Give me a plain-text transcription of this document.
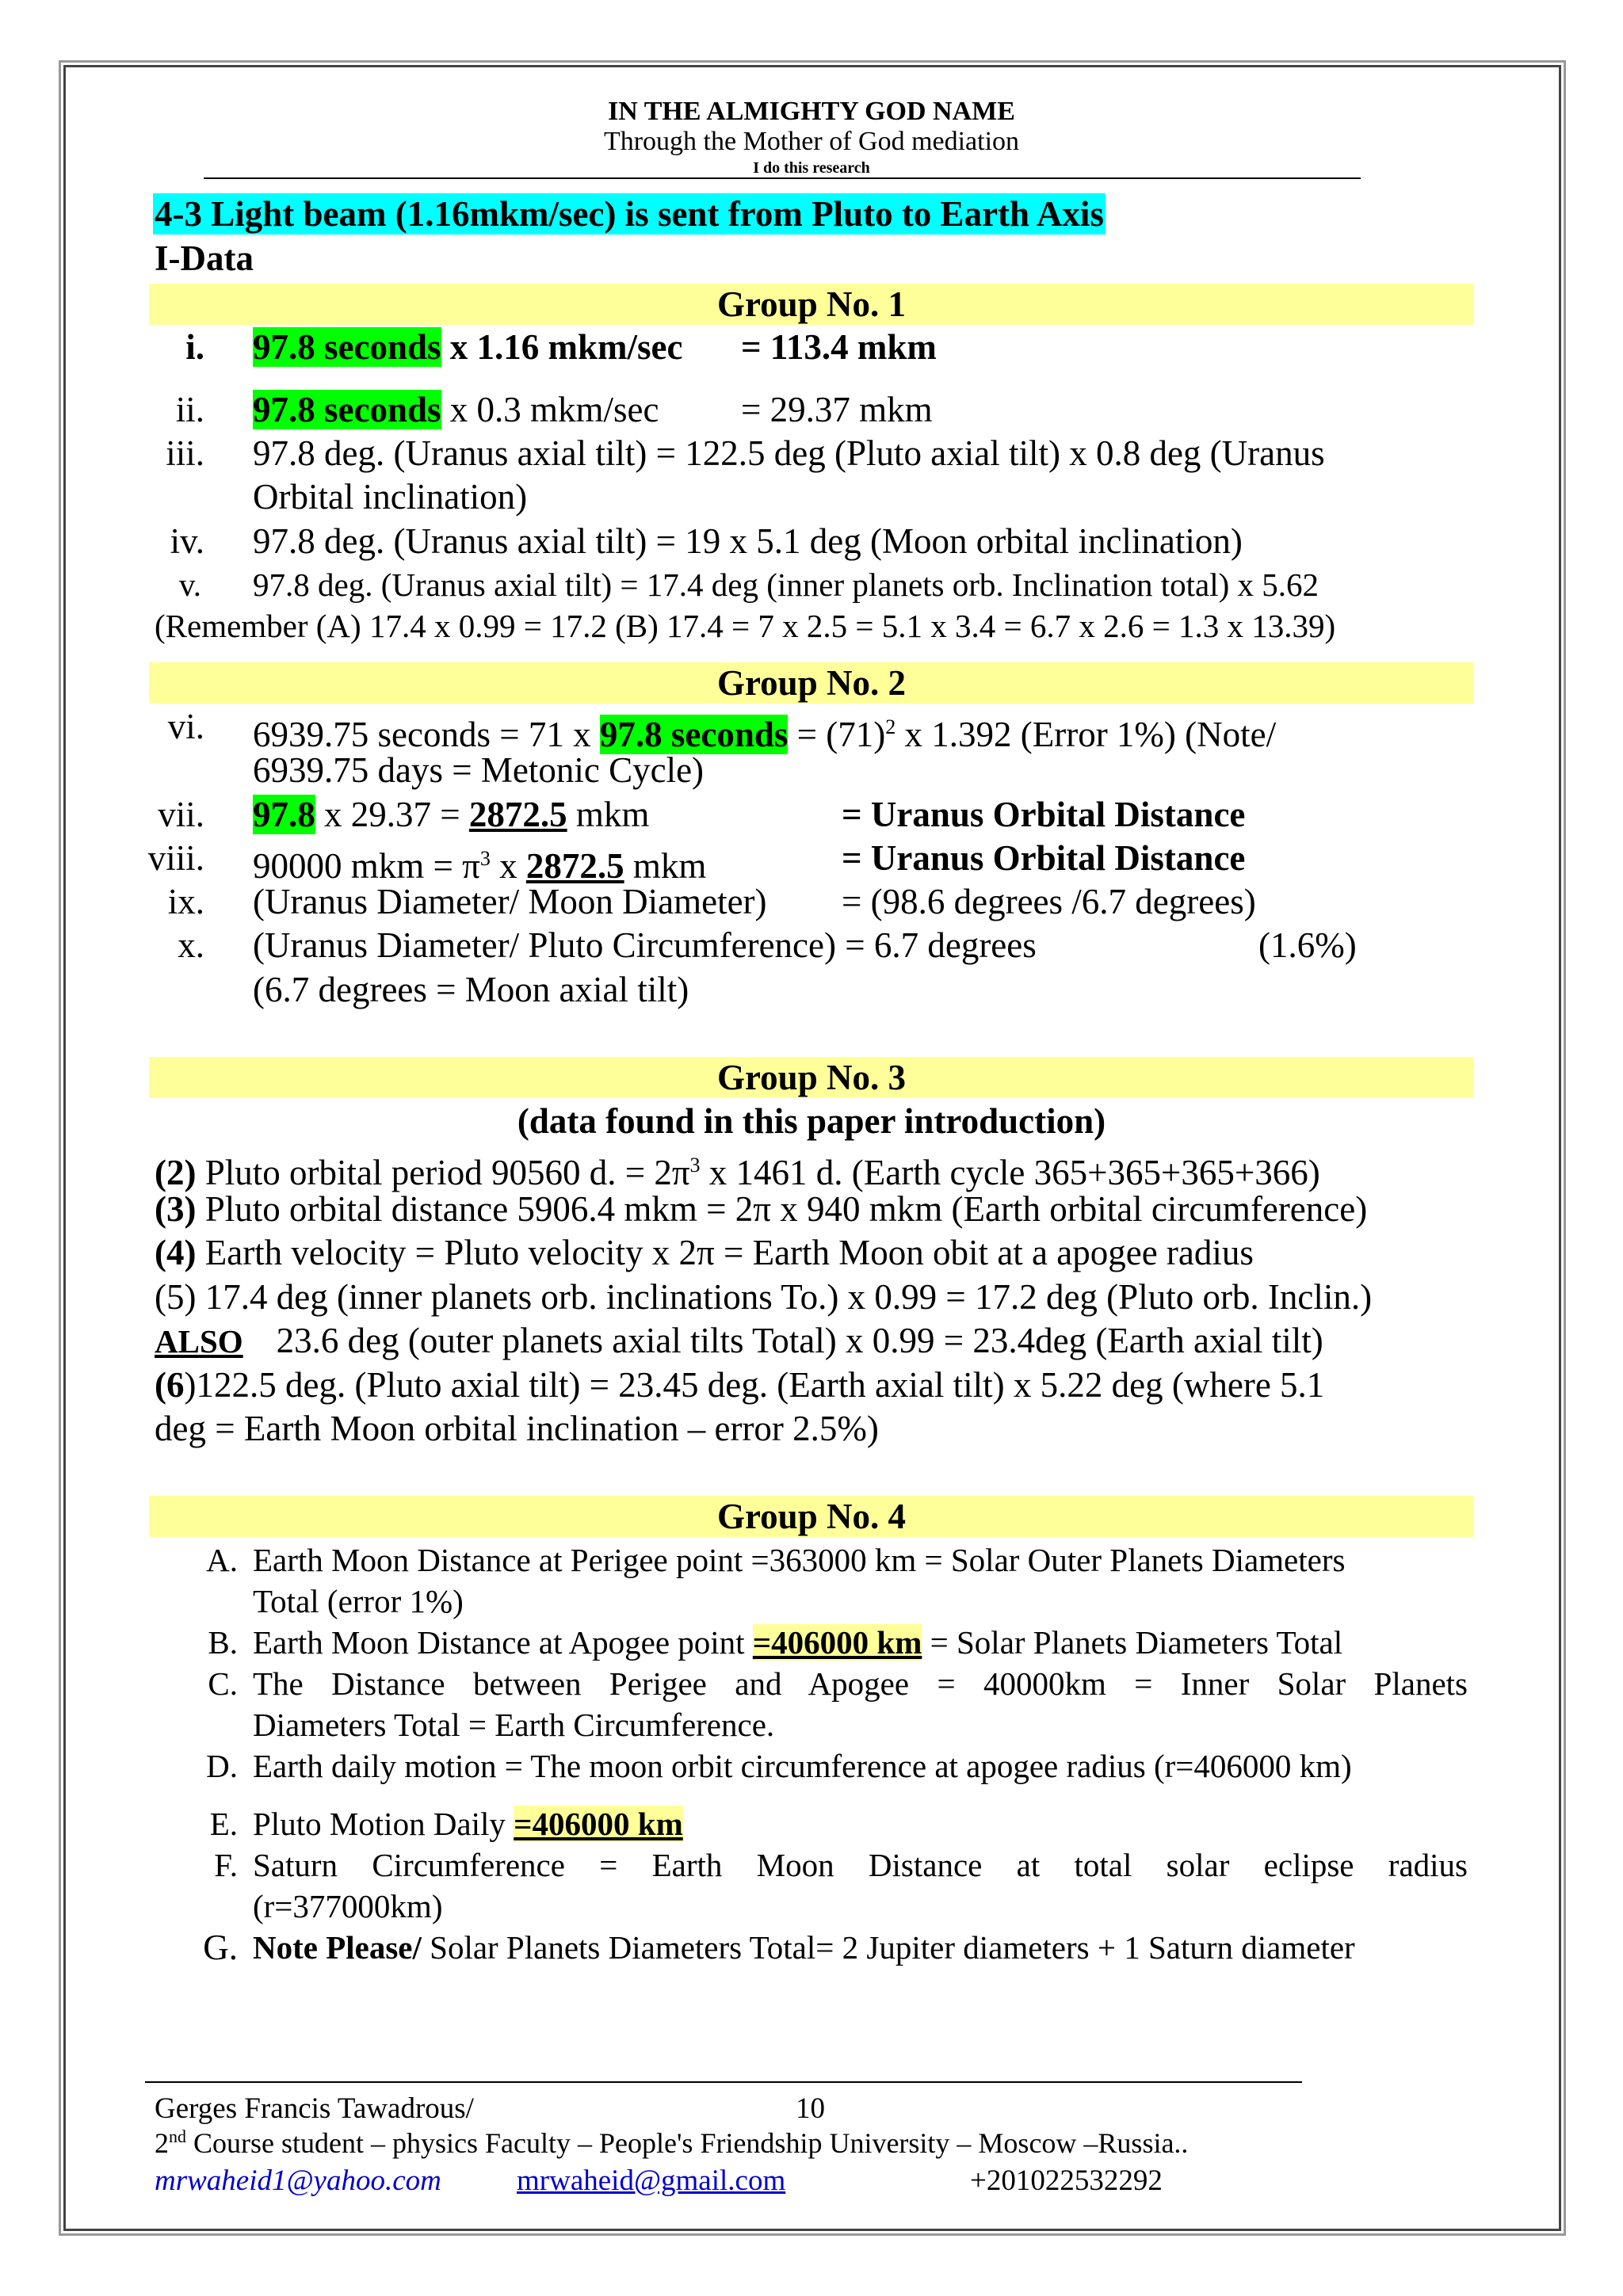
IN THE ALMIGHTY GOD NAME
Through the Mother of God mediation
I do this research
4-3 Light beam (1.16mkm/sec) is sent from Pluto to Earth Axis
I-Data
Group No. 1
i. 97.8 seconds x 1.16 mkm/sec = 113.4 mkm
ii. 97.8 seconds x 0.3 mkm/sec = 29.37 mkm
iii. 97.8 deg. (Uranus axial tilt) = 122.5 deg (Pluto axial tilt) x 0.8 deg (Uranus
Orbital inclination)
iv. 97.8 deg. (Uranus axial tilt) = 19 x 5.1 deg (Moon orbital inclination)
v. 97.8 deg. (Uranus axial tilt) = 17.4 deg (inner planets orb. Inclination total) x 5.62
(Remember (A) 17.4 x 0.99 = 17.2 (B) 17.4 = 7 x 2.5 = 5.1 x 3.4 = 6.7 x 2.6 = 1.3 x 13.39)
Group No. 2
vi. 6939.75 seconds = 71 x 97.8 seconds = $(71)^2$ x 1.392 (Error 1%) (Note/
6939.75 days = Metonic Cycle)
vii. 97.8 x 29.37 = 2872.5 mkm	= Uranus Orbital Distance
viii. 90000 mkm = $\pi^3$ x 2872.5 mkm	= Uranus Orbital Distance
ix. (Uranus Diameter/ Moon Diameter) = (98.6 degrees /6.7 degrees)
x. (Uranus Diameter/ Pluto Circumference) = 6.7 degrees	(1.6%)
(6.7 degrees = Moon axial tilt)
Group No. 3
(data found in this paper introduction)
(2) Pluto orbital period 90560 d. = $2\pi^3$ x 1461 d. (Earth cycle 365+365+365+366)
(3) Pluto orbital distance 5906.4 mkm = 2π x 940 mkm (Earth orbital circumference)
(4) Earth velocity = Pluto velocity x 2π = Earth Moon obit at a apogee radius
(5) 17.4 deg (inner planets orb. inclinations To.) x 0.99 = 17.2 deg (Pluto orb. Inclin.)
ALSO 23.6 deg (outer planets axial tilts Total) x 0.99 = 23.4deg (Earth axial tilt)
(6)122.5 deg. (Pluto axial tilt) = 23.45 deg. (Earth axial tilt) x 5.22 deg (where 5.1
deg = Earth Moon orbital inclination – error 2.5%)
Group No. 4
A. Earth Moon Distance at Perigee point =363000 km = Solar Outer Planets Diameters
Total (error 1%)
B. Earth Moon Distance at Apogee point =406000 km = Solar Planets Diameters Total
C. The Distance between Perigee and Apogee = 40000km = Inner Solar Planets
Diameters Total = Earth Circumference.
D. Earth daily motion = The moon orbit circumference at apogee radius (r=406000 km)
E. Pluto Motion Daily =406000 km
F. Saturn Circumference = Earth Moon Distance at total solar eclipse radius
(r=377000km)
G. Note Please/ Solar Planets Diameters Total= 2 Jupiter diameters + 1 Saturn diameter
Gerges Francis Tawadrous/	10
2nd Course student – physics Faculty – People's Friendship University – Moscow –Russia..
mrwaheid1@yahoo.com	mrwaheid@gmail.com	+201022532292
